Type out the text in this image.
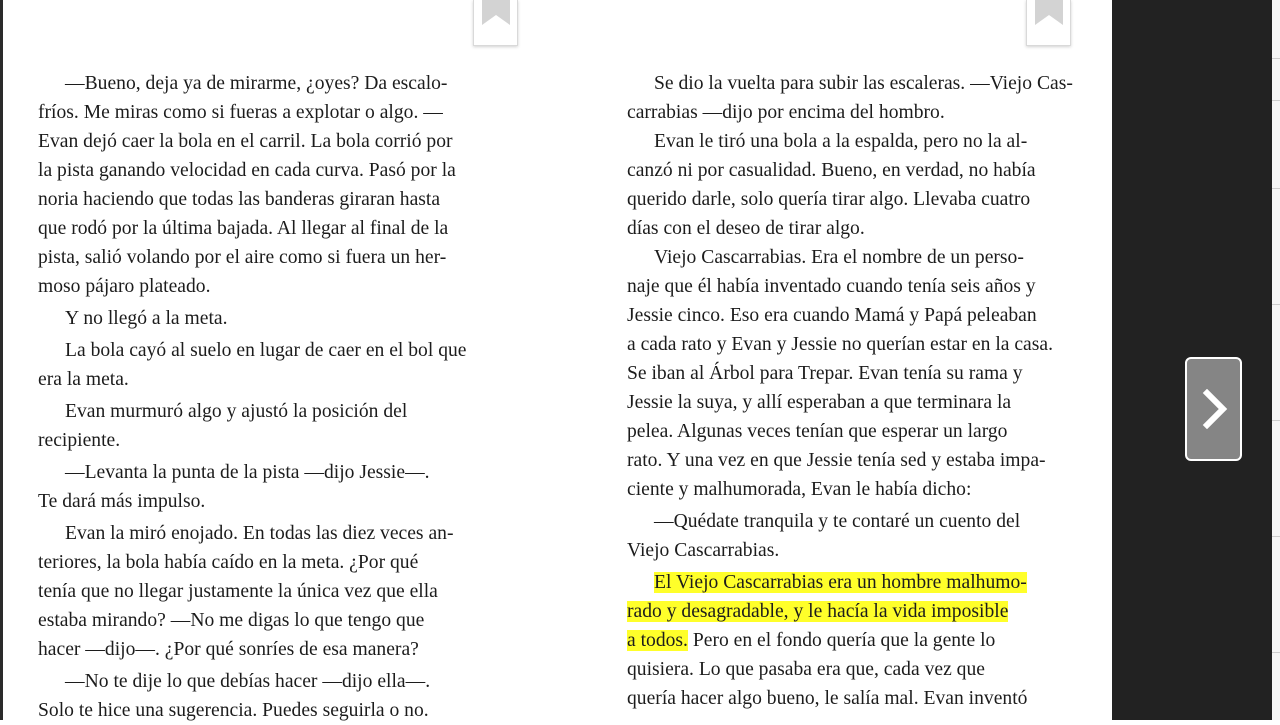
—Bueno, deja ya de mirarme, ¿oyes? Da escalo-
fríos. Me miras como si fueras a explotar o algo. —
Evan dejó caer la bola en el carril. La bola corrió por
la pista ganando velocidad en cada curva. Pasó por la
noria haciendo que todas las banderas giraran hasta
que rodó por la última bajada. Al llegar al final de la
pista, salió volando por el aire como si fuera un her-
moso pájaro plateado.
Y no llegó a la meta.
La bola cayó al suelo en lugar de caer en el bol que
era la meta.
Evan murmuró algo y ajustó la posición del
recipiente.
—Levanta la punta de la pista —dijo Jessie—.
Te dará más impulso.
Evan la miró enojado. En todas las diez veces an-
teriores, la bola había caído en la meta. ¿Por qué
tenía que no llegar justamente la única vez que ella
estaba mirando? —No me digas lo que tengo que
hacer —dijo—. ¿Por qué sonríes de esa manera?
—No te dije lo que debías hacer —dijo ella—.
Solo te hice una sugerencia. Puedes seguirla o no.
Se dio la vuelta para subir las escaleras. —Viejo Cas-
carrabias —dijo por encima del hombro.
Evan le tiró una bola a la espalda, pero no la al-
canzó ni por casualidad. Bueno, en verdad, no había
querido darle, solo quería tirar algo. Llevaba cuatro
días con el deseo de tirar algo.
Viejo Cascarrabias. Era el nombre de un perso-
naje que él había inventado cuando tenía seis años y
Jessie cinco. Eso era cuando Mamá y Papá peleaban
a cada rato y Evan y Jessie no querían estar en la casa.
Se iban al Árbol para Trepar. Evan tenía su rama y
Jessie la suya, y allí esperaban a que terminara la
pelea. Algunas veces tenían que esperar un largo
rato. Y una vez en que Jessie tenía sed y estaba impa-
ciente y malhumorada, Evan le había dicho:
—Quédate tranquila y te contaré un cuento del
Viejo Cascarrabias.
El Viejo Cascarrabias era un hombre malhumo-
rado y desagradable, y le hacía la vida imposible
a todos. Pero en el fondo quería que la gente lo
quisiera. Lo que pasaba era que, cada vez que
quería hacer algo bueno, le salía mal. Evan inventó
